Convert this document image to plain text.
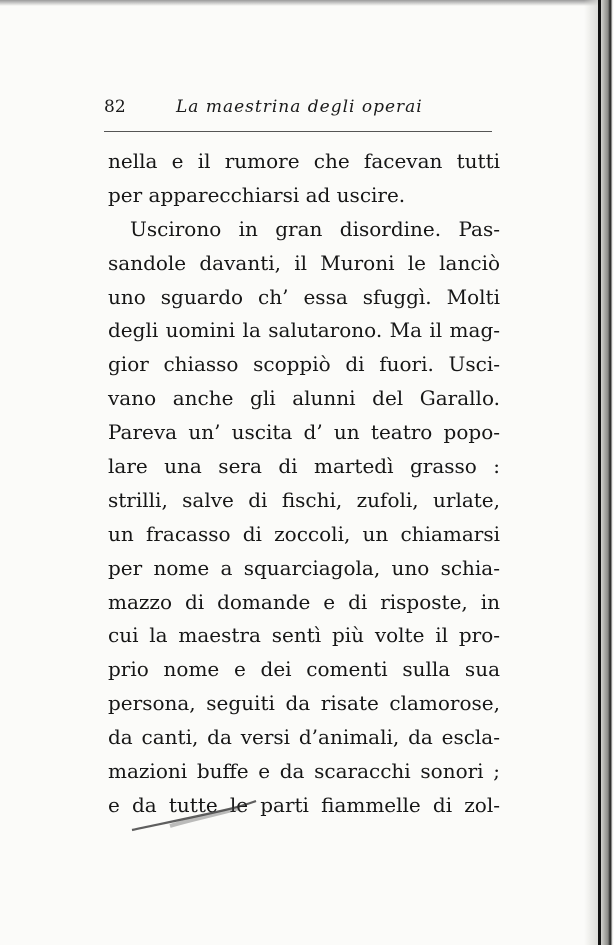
82	La maestrina degli operai
nella e il rumore che facevan tutti
per apparecchiarsi ad uscire.
Uscirono in gran disordine. Pas-
sandole davanti, il Muroni le lanciò
uno sguardo ch’ essa sfuggì. Molti
degli uomini la salutarono. Ma il mag-
gior chiasso scoppiò di fuori. Usci-
vano anche gli alunni del Garallo.
Pareva un’ uscita d’ un teatro popo-
lare una sera di martedì grasso :
strilli, salve di fischi, zufoli, urlate,
un fracasso di zoccoli, un chiamarsi
per nome a squarciagola, uno schia-
mazzo di domande e di risposte, in
cui la maestra sentì più volte il pro-
prio nome e dei comenti sulla sua
persona, seguiti da risate clamorose,
da canti, da versi d’animali, da escla-
mazioni buffe e da scaracchi sonori ;
e da tutte le parti fiammelle di zol-
